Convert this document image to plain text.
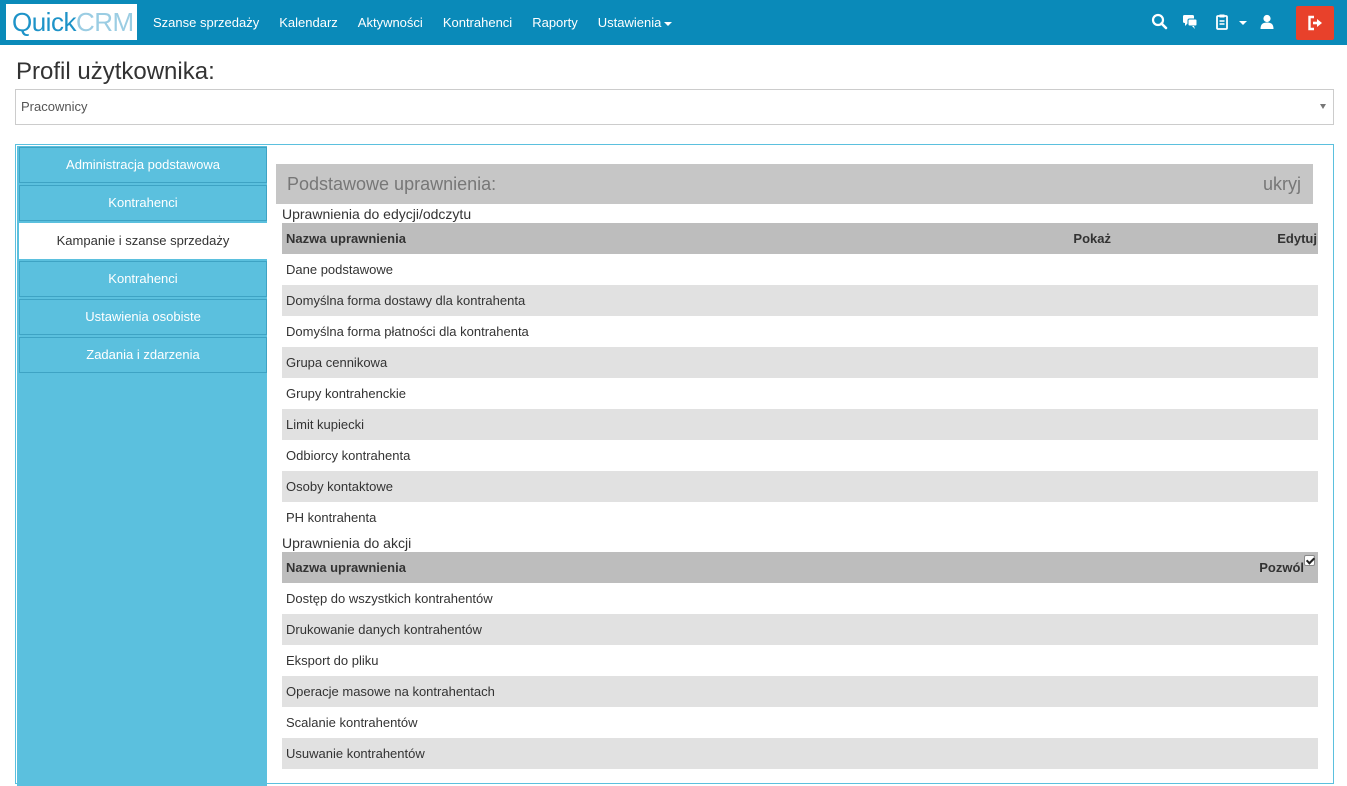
QuickCRM	Szanse sprzedaży	Kalendarz	Aktywności	Kontrahenci	Raporty	Ustawienia
Profil użytkownika:
Pracownicy
Administracja podstawowa
Kontrahenci
Kampanie i szanse sprzedaży
Kontrahenci
Ustawienia osobiste
Zadania i zdarzenia
Podstawowe uprawnienia:	ukryj
Uprawnienia do edycji/odczytu
Nazwa uprawnienia	Pokaż	Edytuj
Dane podstawowe
Domyślna forma dostawy dla kontrahenta
Domyślna forma płatności dla kontrahenta
Grupa cennikowa
Grupy kontrahenckie
Limit kupiecki
Odbiorcy kontrahenta
Osoby kontaktowe
PH kontrahenta
Uprawnienia do akcji
Nazwa uprawnienia	Pozwól
Dostęp do wszystkich kontrahentów
Drukowanie danych kontrahentów
Eksport do pliku
Operacje masowe na kontrahentach
Scalanie kontrahentów
Usuwanie kontrahentów
